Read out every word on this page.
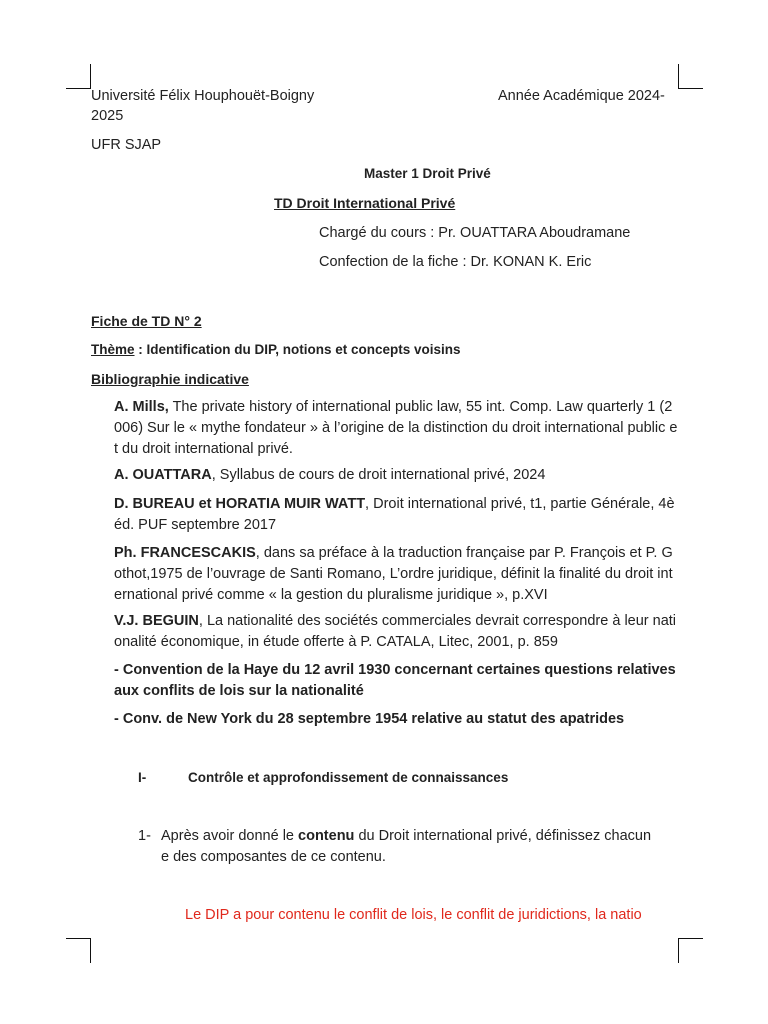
Université Félix Houphouët-Boigny	Année Académique 2024-
2025
UFR SJAP
Master 1 Droit Privé
TD Droit International Privé
Chargé du cours : Pr. OUATTARA Aboudramane
Confection de la fiche : Dr. KONAN K. Eric
Fiche de TD N° 2
Thème : Identification du DIP, notions et concepts voisins
Bibliographie indicative
A. Mills, The private history of international public law, 55 int. Comp. Law quarterly 1 (2006) Sur le « mythe fondateur » à l’origine de la distinction du droit international public et du droit international privé.
A. OUATTARA, Syllabus de cours de droit international privé, 2024
D. BUREAU et HORATIA MUIR WATT, Droit international privé, t1, partie Générale, 4è éd. PUF septembre 2017
Ph. FRANCESCAKIS, dans sa préface à la traduction française par P. François et P. Gothot,1975 de l’ouvrage de Santi Romano, L’ordre juridique, définit la finalité du droit international privé comme « la gestion du pluralisme juridique », p.XVI
V.J. BEGUIN, La nationalité des sociétés commerciales devrait correspondre à leur nationalité économique, in étude offerte à P. CATALA, Litec, 2001, p. 859
- Convention de la Haye du 12 avril 1930 concernant certaines questions relatives aux conflits de lois sur la nationalité
- Conv. de New York du 28 septembre 1954 relative au statut des apatrides
I-	Contrôle et approfondissement de connaissances
1- Après avoir donné le contenu du Droit international privé, définissez chacun
e des composantes de ce contenu.
Le DIP a pour contenu le conflit de lois, le conflit de juridictions, la natio
